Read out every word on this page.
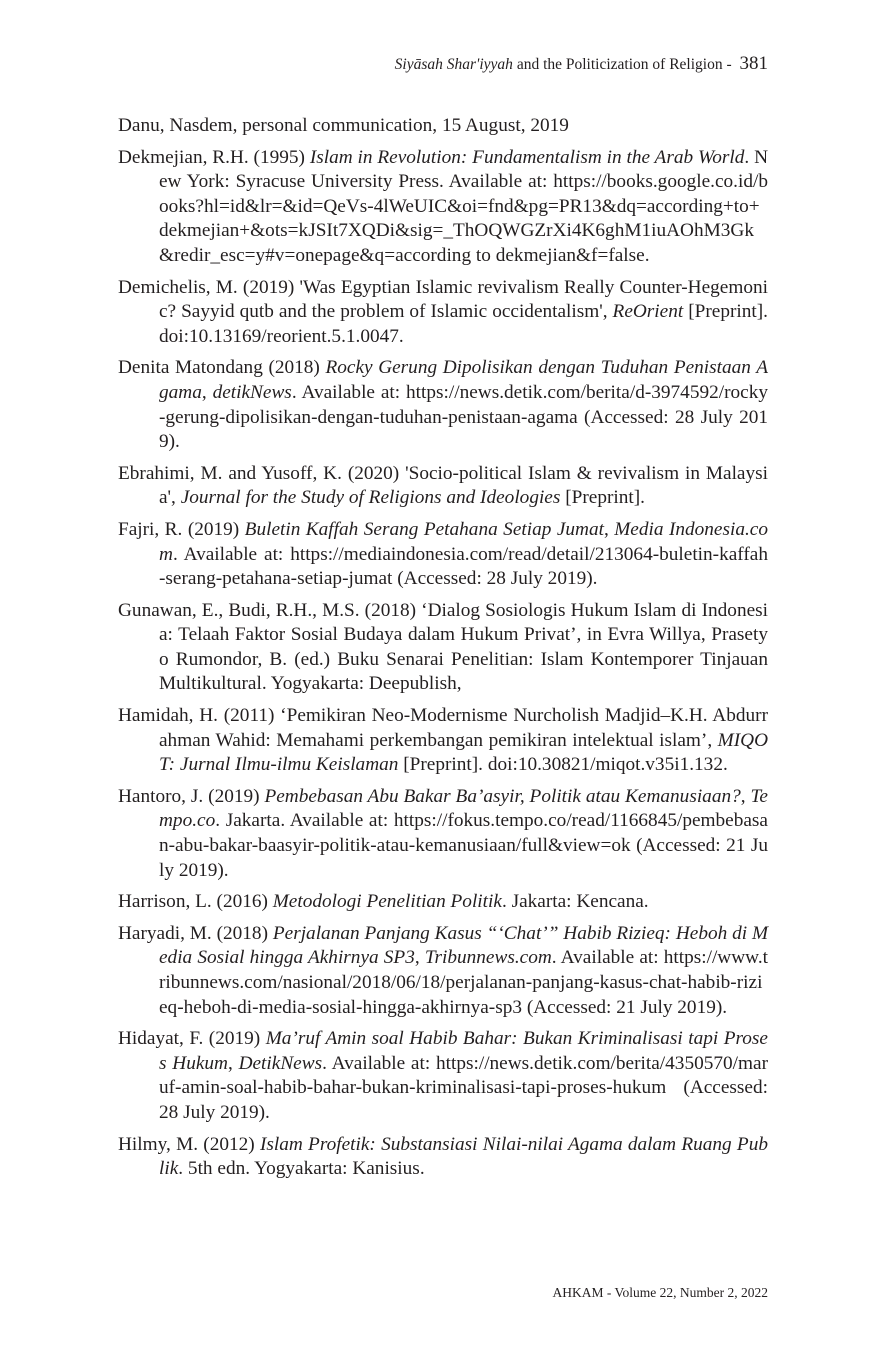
Siyāsah Shar'iyyah and the Politicization of Religion - 381

Danu, Nasdem, personal communication, 15 August, 2019

Dekmejian, R.H. (1995) Islam in Revolution: Fundamentalism in the Arab World. New York: Syracuse University Press. Available at: https://books.google.co.id/books?hl=id&lr=&id=QeVs-4lWeUIC&oi=fnd&pg=PR13&dq=according+to+dekmejian+&ots=kJSIt7XQDi&sig=_ThOQWGZrXi4K6ghM1iuAOhM3Gk&redir_esc=y#v=onepage&q=according to dekmejian&f=false.

Demichelis, M. (2019) 'Was Egyptian Islamic revivalism Really Counter-Hegemonic? Sayyid qutb and the problem of Islamic occidentalism', ReOrient [Preprint]. doi:10.13169/reorient.5.1.0047.

Denita Matondang (2018) Rocky Gerung Dipolisikan dengan Tuduhan Penistaan Agama, detikNews. Available at: https://news.detik.com/berita/d-3974592/rocky-gerung-dipolisikan-dengan-tuduhan-penistaan-agama (Accessed: 28 July 2019).

Ebrahimi, M. and Yusoff, K. (2020) 'Socio-political Islam & revivalism in Malaysia', Journal for the Study of Religions and Ideologies [Preprint].

Fajri, R. (2019) Buletin Kaffah Serang Petahana Setiap Jumat, Media Indonesia.com. Available at: https://mediaindonesia.com/read/detail/213064-buletin-kaffah-serang-petahana-setiap-jumat (Accessed: 28 July 2019).

Gunawan, E., Budi, R.H., M.S. (2018) ‘Dialog Sosiologis Hukum Islam di Indonesia: Telaah Faktor Sosial Budaya dalam Hukum Privat’, in Evra Willya, Prasetyo Rumondor, B. (ed.) Buku Senarai Penelitian: Islam Kontemporer Tinjauan Multikultural. Yogyakarta: Deepublish,

Hamidah, H. (2011) ‘Pemikiran Neo-Modernisme Nurcholish Madjid–K.H. Abdurrahman Wahid: Memahami perkembangan pemikiran intelektual islam’, MIQOT: Jurnal Ilmu-ilmu Keislaman [Preprint]. doi:10.30821/miqot.v35i1.132.

Hantoro, J. (2019) Pembebasan Abu Bakar Ba’asyir, Politik atau Kemanusiaan?, Tempo.co. Jakarta. Available at: https://fokus.tempo.co/read/1166845/pembebasan-abu-bakar-baasyir-politik-atau-kemanusiaan/full&view=ok (Accessed: 21 July 2019).

Harrison, L. (2016) Metodologi Penelitian Politik. Jakarta: Kencana.

Haryadi, M. (2018) Perjalanan Panjang Kasus “‘Chat’” Habib Rizieq: Heboh di Media Sosial hingga Akhirnya SP3, Tribunnews.com. Available at: https://www.tribunnews.com/nasional/2018/06/18/perjalanan-panjang-kasus-chat-habib-rizieq-heboh-di-media-sosial-hingga-akhirnya-sp3 (Accessed: 21 July 2019).

Hidayat, F. (2019) Ma’ruf Amin soal Habib Bahar: Bukan Kriminalisasi tapi Proses Hukum, DetikNews. Available at: https://news.detik.com/berita/4350570/maruf-amin-soal-habib-bahar-bukan-kriminalisasi-tapi-proses-hukum (Accessed: 28 July 2019).

Hilmy, M. (2012) Islam Profetik: Substansiasi Nilai-nilai Agama dalam Ruang Publik. 5th edn. Yogyakarta: Kanisius.

AHKAM - Volume 22, Number 2, 2022
